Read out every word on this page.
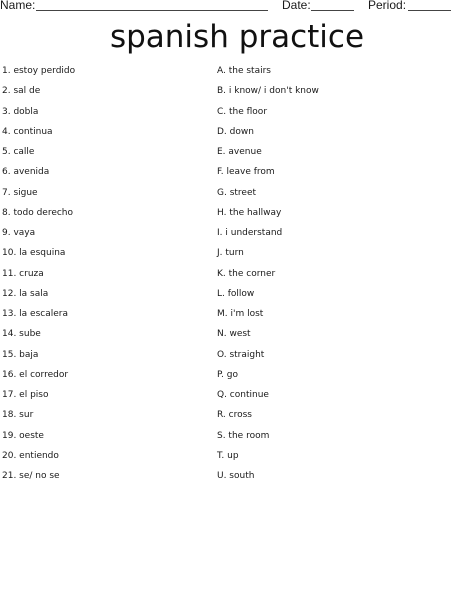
Name:	Date:	Period:
spanish practice
1. estoy perdido
2. sal de
3. dobla
4. continua
5. calle
6. avenida
7. sigue
8. todo derecho
9. vaya
10. la esquina
11. cruza
12. la sala
13. la escalera
14. sube
15. baja
16. el corredor
17. el piso
18. sur
19. oeste
20. entiendo
21. se/ no se
A. the stairs
B. i know/ i don't know
C. the floor
D. down
E. avenue
F. leave from
G. street
H. the hallway
I. i understand
J. turn
K. the corner
L. follow
M. i'm lost
N. west
O. straight
P. go
Q. continue
R. cross
S. the room
T. up
U. south
